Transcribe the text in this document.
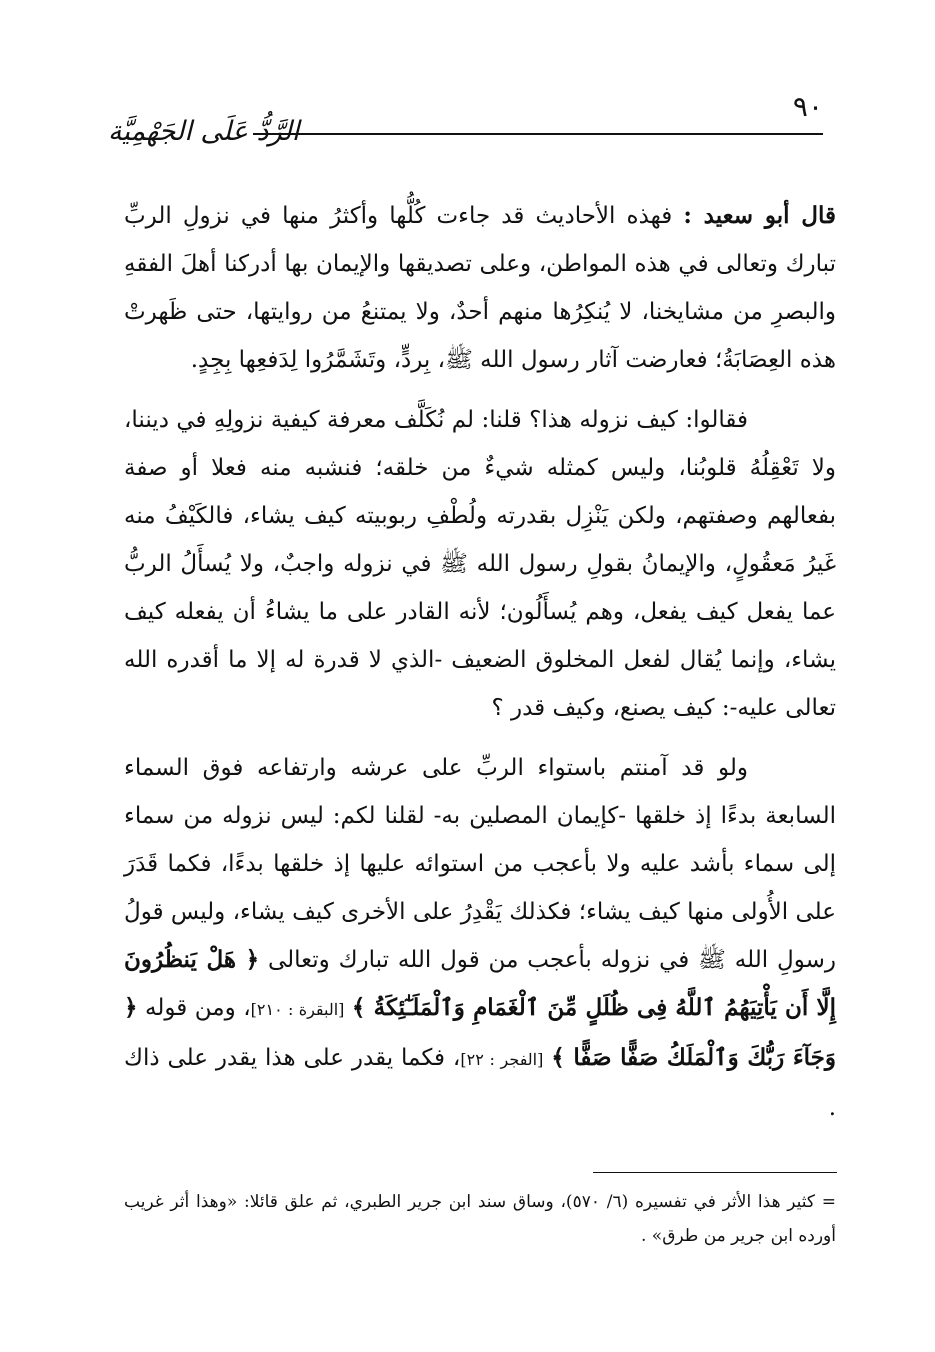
٩٠
الرَّدُّ عَلَى الجَهْمِيَّة

قال أبو سعيد : فهذه الأحاديث قد جاءت كُلُّها وأكثرُ منها في نزولِ الربِّ تبارك وتعالى في هذه المواطن، وعلى تصديقها والإيمان بها أدركنا أهلَ الفقهِ والبصرِ من مشايخنا، لا يُنكِرُها منهم أحدٌ، ولا يمتنعُ من روايتها، حتى ظَهرتْ هذه العِصَابَةُ؛ فعارضت آثار رسول الله ﷺ، بِردٍّ، وتَشَمَّرُوا لِدَفعِها بِجِدٍ.

فقالوا: كيف نزوله هذا؟ قلنا: لم نُكَلَّف معرفة كيفية نزولِهِ في ديننا، ولا تَعْقِلُهُ قلوبُنا، وليس كمثله شيءٌ من خلقه؛ فنشبه منه فعلا أو صفة بفعالهم وصفتهم، ولكن يَنْزِل بقدرته ولُطْفِ ربوبيته كيف يشاء، فالكَيْفُ منه غَيرُ مَعقُولٍ، والإيمانُ بقولِ رسول الله ﷺ في نزوله واجبٌ، ولا يُسأَلُ الربُّ عما يفعل كيف يفعل، وهم يُسأَلُون؛ لأنه القادر على ما يشاءُ أن يفعله كيف يشاء، وإنما يُقال لفعل المخلوق الضعيف -الذي لا قدرة له إلا ما أقدره الله تعالى عليه-: كيف يصنع، وكيف قدر ؟

ولو قد آمنتم باستواء الربِّ على عرشه وارتفاعه فوق السماء السابعة بدءًا إذ خلقها -كإيمان المصلين به- لقلنا لكم: ليس نزوله من سماء إلى سماء بأشد عليه ولا بأعجب من استوائه عليها إذ خلقها بدءًا، فكما قَدَرَ على الأُولى منها كيف يشاء؛ فكذلك يَقْدِرُ على الأخرى كيف يشاء، وليس قولُ رسولِ الله ﷺ في نزوله بأعجب من قول الله تبارك وتعالى ﴿ هَلْ يَنظُرُونَ إِلَّا أَن يَأْتِيَهُمُ ٱللَّهُ فِى ظُلَلٍ مِّنَ ٱلْغَمَامِ وَٱلْمَلَـٰٓئِكَةُ ﴾ [البقرة : ٢١٠]، ومن قوله ﴿ وَجَآءَ رَبُّكَ وَٱلْمَلَكُ صَفًّا صَفًّا ﴾ [الفجر : ٢٢]، فكما يقدر على هذا يقدر على ذاك .

= كثير هذا الأثر في تفسيره (٦/ ٥٧٠)، وساق سند ابن جرير الطبري، ثم علق قائلا: «وهذا أثر غريب أورده ابن جرير من طرق» .
